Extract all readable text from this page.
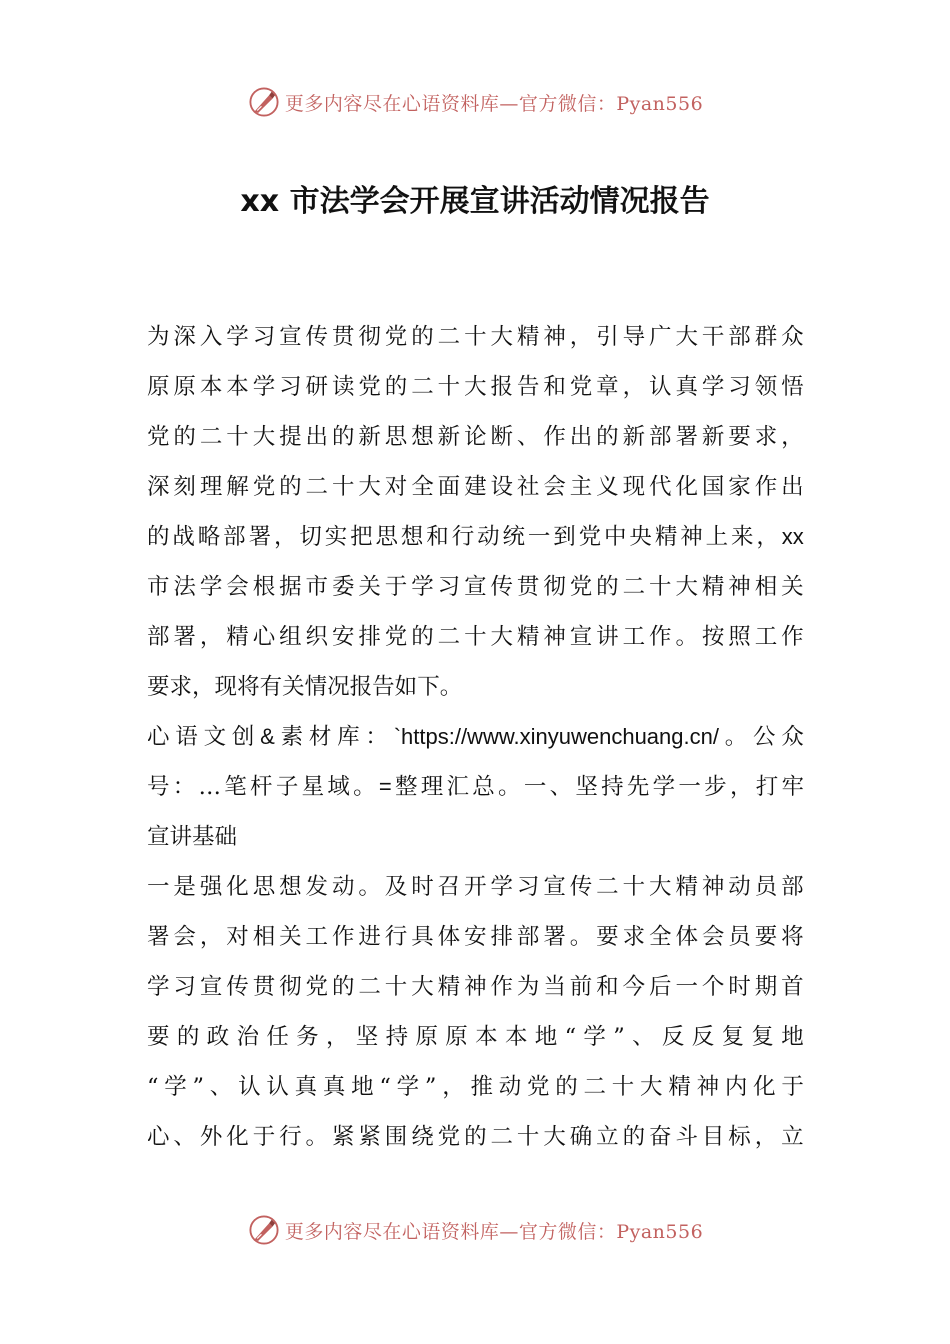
更多内容尽在心语资料库—官方微信：Pyan556
xx 市法学会开展宣讲活动情况报告
为 深 入 学 习 宣 传 贯 彻 党 的 二 十 大 精 神 ， 引 导 广 大 干 部 群 众
原 原 本 本 学 习 研 读 党 的 二 十 大 报 告 和 党 章 ， 认 真 学 习 领 悟
党 的 二 十 大 提 出 的 新 思 想 新 论 断 、 作 出 的 新 部 署 新 要 求 ，
深 刻 理 解 党 的 二 十 大 对 全 面 建 设 社 会 主 义 现 代 化 国 家 作 出
的 战 略 部 署 ， 切 实 把 思 想 和 行 动 统 一 到 党 中 央 精 神 上 来 ， xx
市 法 学 会 根 据 市 委 关 于 学 习 宣 传 贯 彻 党 的 二 十 大 精 神 相 关
部 署 ， 精 心 组 织 安 排 党 的 二 十 大 精 神 宣 讲 工 作 。 按 照 工 作
要 求 ， 现 将 有 关 情 况 报 告 如 下 。
心 语 文 创 & 素 材 库 ： `https://www.xinyuwenchuang.cn/ 。 公 众
号 ： … 笔 杆 子 星 域 。 = 整 理 汇 总 。 一 、 坚 持 先 学 一 步 ， 打 牢
宣 讲 基 础
一 是 强 化 思 想 发 动 。 及 时 召 开 学 习 宣 传 二 十 大 精 神 动 员 部
署 会 ， 对 相 关 工 作 进 行 具 体 安 排 部 署 。 要 求 全 体 会 员 要 将
学 习 宣 传 贯 彻 党 的 二 十 大 精 神 作 为 当 前 和 今 后 一 个 时 期 首
要 的 政 治 任 务 ， 坚 持 原 原 本 本 地 “ 学 ” 、 反 反 复 复 地
“ 学 ” 、 认 认 真 真 地 “ 学 ” ， 推 动 党 的 二 十 大 精 神 内 化 于
心 、 外 化 于 行 。 紧 紧 围 绕 党 的 二 十 大 确 立 的 奋 斗 目 标 ， 立
更多内容尽在心语资料库—官方微信：Pyan556
